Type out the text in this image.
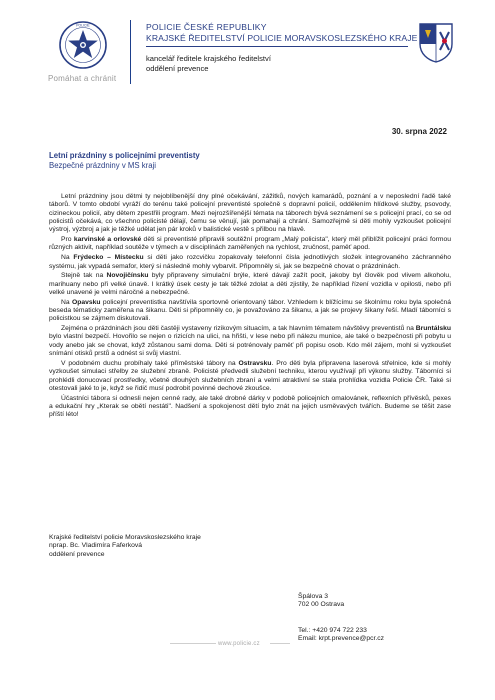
POLICIE
Pomáhat a chránit
POLICIE ČESKÉ REPUBLIKY
KRAJSKÉ ŘEDITELSTVÍ POLICIE MORAVSKOSLEZSKÉHO KRAJE
kancelář ředitele krajského ředitelství
oddělení prevence
30. srpna 2022
Letní prázdniny s policejními preventisty
Bezpečné prázdniny v MS kraji

Letní prázdniny jsou dětmi ty nejoblíbenější dny plné očekávání, zážitků, nových kamarádů, poznání a v neposlední řadě také táborů. V tomto období vyráží do terénu také policejní preventisté společně s dopravní policií, oddělením hlídkové služby, psovody, cizineckou policií, aby dětem zpestřili program. Mezi nejrozšířenější témata na táborech bývá seznámení se s policejní prací, co se od policistů očekává, co všechno policisté dělají, čemu se věnují, jak pomahají a chrání. Samozřejmě si děti mohly vyzkoušet policejní výstroj, výzbroj a jak je těžké udělat jen pár kroků v balistické vestě s přilbou na hlavě.

Pro karvinské a orlovské děti si preventisté připravili soutěžní program „Malý policista", který měl přiblížit policejní práci formou různých aktivit, například soutěže v týmech a v disciplínách zaměřených na rychlost, zručnost, paměť apod.

Na Frýdecko – Místecku si děti jako rozcvičku zopakovaly telefonní čísla jednotlivých složek integrovaného záchranného systému, jak vypadá semafor, který si následně mohly vybarvit. Připomněly si, jak se bezpečně chovat o prázdninách.

Stejně tak na Novojičínsku byly připraveny simulační brýle, které dávají zažít pocit, jakoby byl člověk pod vlivem alkoholu, marihuany nebo při velké únavě. I krátký úsek cesty je tak těžké zdolat a děti zjistily, že například řízení vozidla v opilosti, nebo při velké unavené je velmi náročné a nebezpečné.

Na Opavsku policejní preventistka navštívila sportovně orientovaný tábor. Vzhledem k blížícímu se školnímu roku byla společná beseda tématicky zaměřena na šikanu. Děti si připomněly co, je považováno za šikanu, a jak se projevy šikany řeší. Mladí táborníci s policistkou se zájmem diskutovali.

Zejména o prázdninách jsou děti častěji vystaveny rizikovým situacím, a tak hlavním tématem návštěvy preventistů na Bruntálsku bylo vlastní bezpečí. Hovořilo se nejen o rizicích na ulici, na hřišti, v lese nebo při nálezu munice, ale také o bezpečnosti při pobytu u vody anebo jak se chovat, když zůstanou sami doma. Děti si potrénovaly paměť při popisu osob. Kdo měl zájem, mohl si vyzkoušet snímání otisků prstů a odnést si svůj vlastní.

V podobném duchu probíhaly také příměstské tábory na Ostravsku. Pro děti byla připravena laserová střelnice, kde si mohly vyzkoušet simulaci střelby ze služební zbraně. Policisté předvedli služební techniku, kterou využívají při výkonu služby. Táborníci si prohlédli donucovací prostředky, včetně dlouhých služebních zbraní a velmi atraktivní se stala prohlídka vozidla Policie ČR. Také si otestovali jaké to je, když se řidič musí podrobit povinné dechové zkoušce.

Účastníci tábora si odnesli nejen cenné rady, ale také drobné dárky v podobě policejních omalovánek, reflexních přívěsků, pexes a edukační hry „Kterak se obětí nestáti". Nadšení a spokojenost dětí bylo znát na jejich usměvavých tvářích. Budeme se těšit zase příští léto!

Krajské ředitelství policie Moravskoslezského kraje
nprap. Bc. Vladimíra Faferková
oddělení prevence
Špálova 3
702 00 Ostrava
Tel.: +420 974 722 233
Email: krpt.prevence@pcr.cz
www.policie.cz
